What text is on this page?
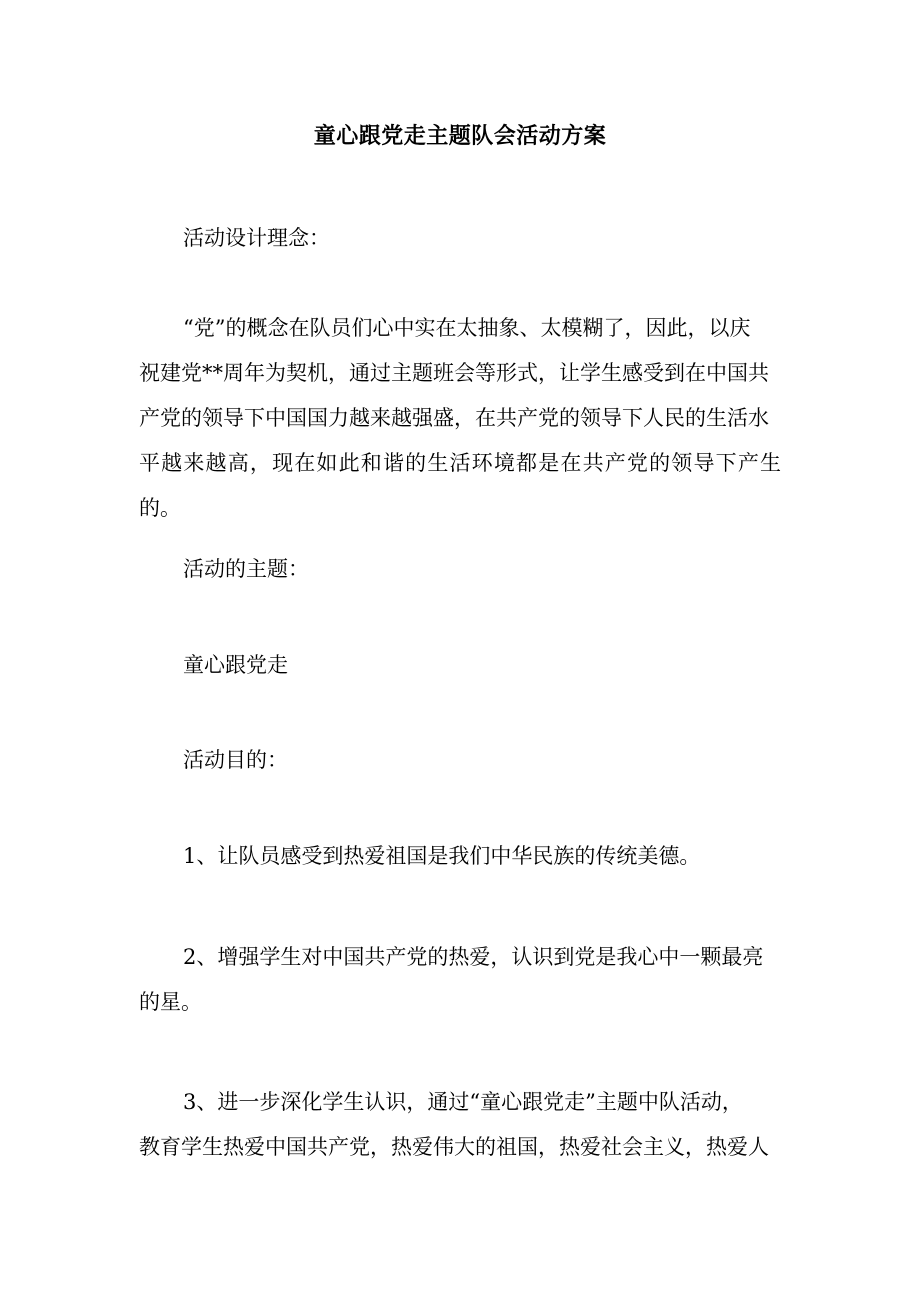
童心跟党走主题队会活动方案

活动设计理念：

“党”的概念在队员们心中实在太抽象、太模糊了，因此，以庆
祝建党**周年为契机，通过主题班会等形式，让学生感受到在中国共
产党的领导下中国国力越来越强盛，在共产党的领导下人民的生活水
平越来越高，现在如此和谐的生活环境都是在共产党的领导下产生的。

活动的主题：

童心跟党走

活动目的：

1、让队员感受到热爱祖国是我们中华民族的传统美德。

2、增强学生对中国共产党的热爱，认识到党是我心中一颗最亮
的星。
3、进一步深化学生认识，通过“童心跟党走”主题中队活动，
教育学生热爱中国共产党，热爱伟大的祖国，热爱社会主义，热爱人
